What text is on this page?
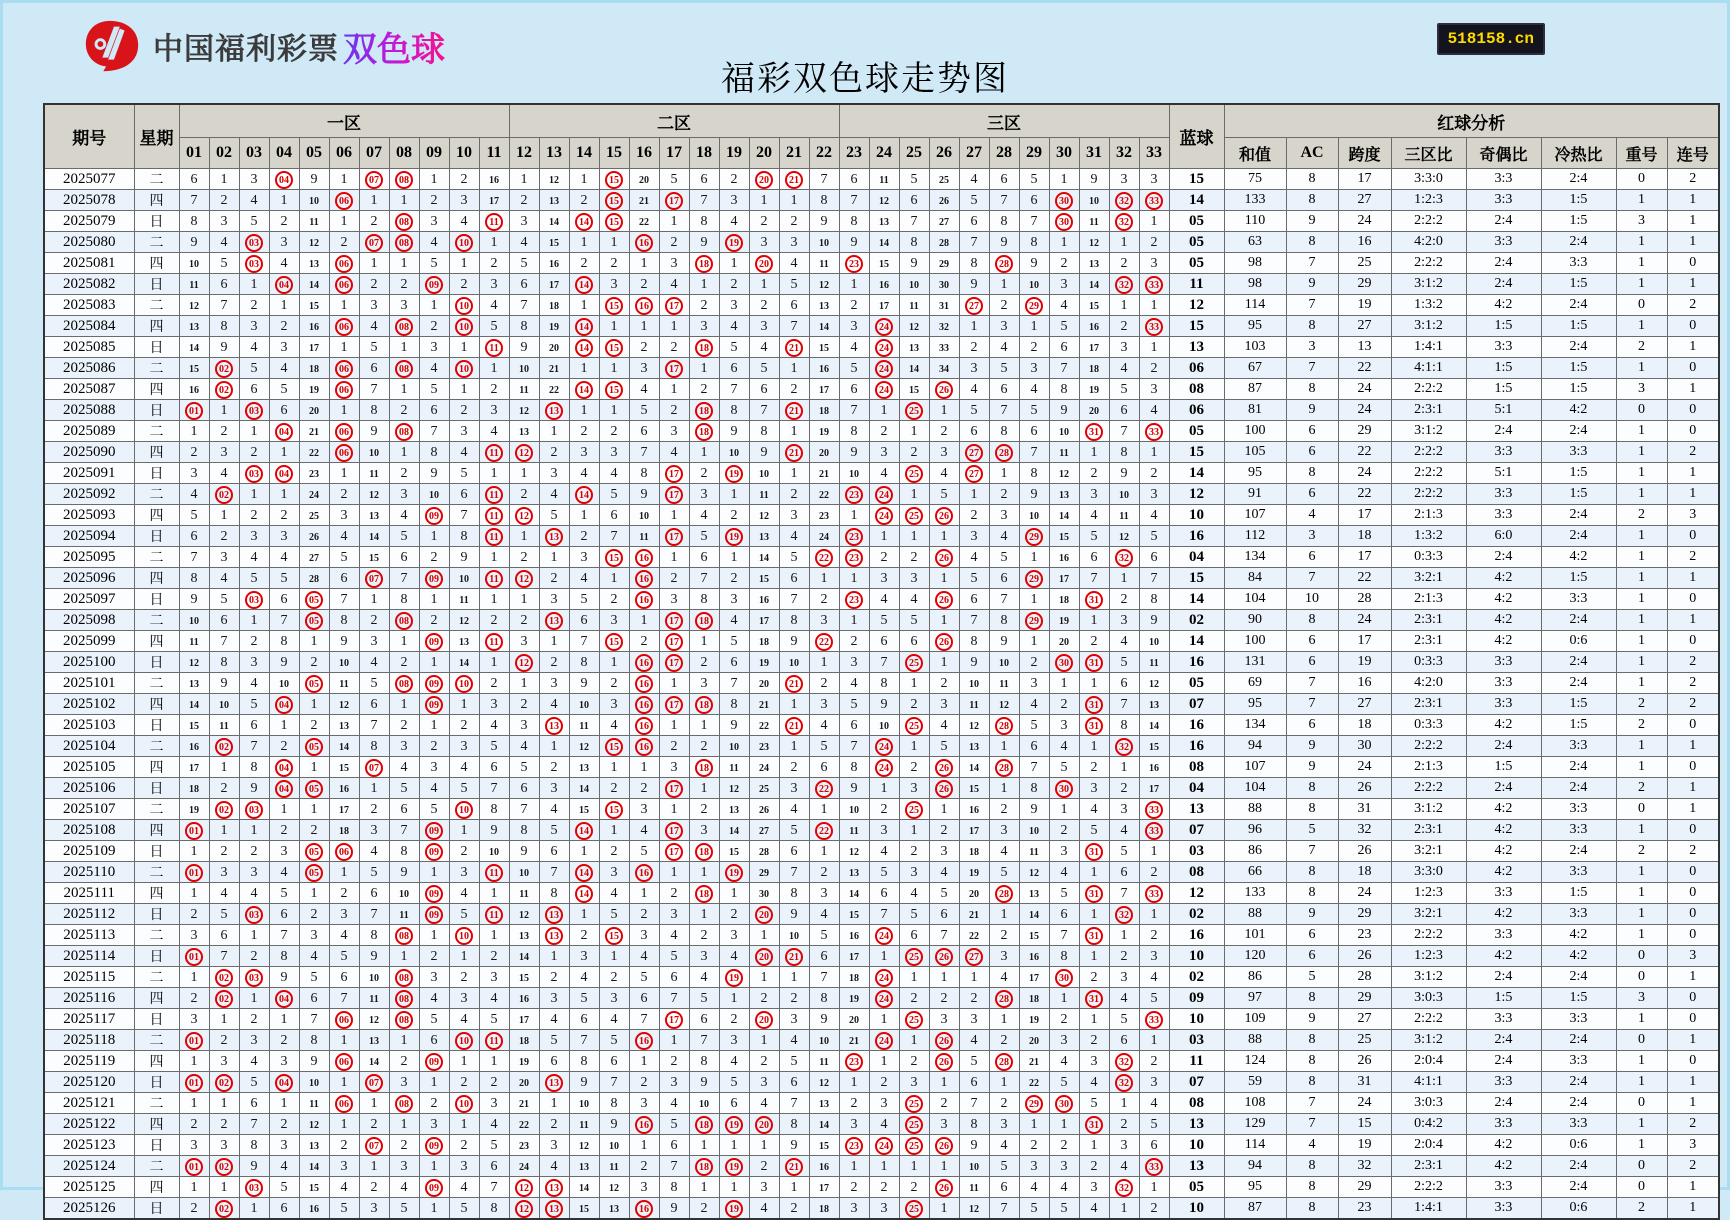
中国福利彩票 双色球
福彩双色球走势图
518158.cn
期号	星期	一区											二区											三区											蓝球	红球分析							
		01	02	03	04	05	06	07	08	09	10	11	12	13	14	15	16	17	18	19	20	21	22	23	24	25	26	27	28	29	30	31	32	33		和值	AC	跨度	三区比	奇偶比	冷热比	重号	连号
2025077	二	6	1	3	04	9	1	07	08	1	2	16	1	12	1	15	20	5	6	2	20	21	7	6	11	5	25	4	6	5	1	9	3	3	15	75	8	17	3:3:0	3:3	2:4	0	2
2025078	四	7	2	4	1	10	06	1	1	2	3	17	2	13	2	15	21	17	7	3	1	1	8	7	12	6	26	5	7	6	30	10	32	33	14	133	8	27	1:2:3	3:3	1:5	1	1
2025079	日	8	3	5	2	11	1	2	08	3	4	11	3	14	14	15	22	1	8	4	2	2	9	8	13	7	27	6	8	7	30	11	32	1	05	110	9	24	2:2:2	2:4	1:5	3	1
2025080	二	9	4	03	3	12	2	07	08	4	10	1	4	15	1	1	16	2	9	19	3	3	10	9	14	8	28	7	9	8	1	12	1	2	05	63	8	16	4:2:0	3:3	2:4	1	1
2025081	四	10	5	03	4	13	06	1	1	5	1	2	5	16	2	2	1	3	18	1	20	4	11	23	15	9	29	8	28	9	2	13	2	3	05	98	7	25	2:2:2	2:4	3:3	1	0
2025082	日	11	6	1	04	14	06	2	2	09	2	3	6	17	14	3	2	4	1	2	1	5	12	1	16	10	30	9	1	10	3	14	32	33	11	98	9	29	3:1:2	2:4	1:5	1	1
2025083	二	12	7	2	1	15	1	3	3	1	10	4	7	18	1	15	16	17	2	3	2	6	13	2	17	11	31	27	2	29	4	15	1	1	12	114	7	19	1:3:2	4:2	2:4	0	2
2025084	四	13	8	3	2	16	06	4	08	2	10	5	8	19	14	1	1	1	3	4	3	7	14	3	24	12	32	1	3	1	5	16	2	33	15	95	8	27	3:1:2	1:5	1:5	1	0
2025085	日	14	9	4	3	17	1	5	1	3	1	11	9	20	14	15	2	2	18	5	4	21	15	4	24	13	33	2	4	2	6	17	3	1	13	103	3	13	1:4:1	3:3	2:4	2	1
2025086	二	15	02	5	4	18	06	6	08	4	10	1	10	21	1	1	3	17	1	6	5	1	16	5	24	14	34	3	5	3	7	18	4	2	06	67	7	22	4:1:1	1:5	1:5	1	0
2025087	四	16	02	6	5	19	06	7	1	5	1	2	11	22	14	15	4	1	2	7	6	2	17	6	24	15	26	4	6	4	8	19	5	3	08	87	8	24	2:2:2	1:5	1:5	3	1
2025088	日	01	1	03	6	20	1	8	2	6	2	3	12	13	1	1	5	2	18	8	7	21	18	7	1	25	1	5	7	5	9	20	6	4	06	81	9	24	2:3:1	5:1	4:2	0	0
2025089	二	1	2	1	04	21	06	9	08	7	3	4	13	1	2	2	6	3	18	9	8	1	19	8	2	1	2	6	8	6	10	31	7	33	05	100	6	29	3:1:2	2:4	2:4	1	0
2025090	四	2	3	2	1	22	06	10	1	8	4	11	12	2	3	3	7	4	1	10	9	21	20	9	3	2	3	27	28	7	11	1	8	1	15	105	6	22	2:2:2	3:3	3:3	1	2
2025091	日	3	4	03	04	23	1	11	2	9	5	1	1	3	4	4	8	17	2	19	10	1	21	10	4	25	4	27	1	8	12	2	9	2	14	95	8	24	2:2:2	5:1	1:5	1	1
2025092	二	4	02	1	1	24	2	12	3	10	6	11	2	4	14	5	9	17	3	1	11	2	22	23	24	1	5	1	2	9	13	3	10	3	12	91	6	22	2:2:2	3:3	1:5	1	1
2025093	四	5	1	2	2	25	3	13	4	09	7	11	12	5	1	6	10	1	4	2	12	3	23	1	24	25	26	2	3	10	14	4	11	4	10	107	4	17	2:1:3	3:3	2:4	2	3
2025094	日	6	2	3	3	26	4	14	5	1	8	11	1	13	2	7	11	17	5	19	13	4	24	23	1	1	1	3	4	29	15	5	12	5	16	112	3	18	1:3:2	6:0	2:4	1	0
2025095	二	7	3	4	4	27	5	15	6	2	9	1	2	1	3	15	16	1	6	1	14	5	22	23	2	2	26	4	5	1	16	6	32	6	04	134	6	17	0:3:3	2:4	4:2	1	2
2025096	四	8	4	5	5	28	6	07	7	09	10	11	12	2	4	1	16	2	7	2	15	6	1	1	3	3	1	5	6	29	17	7	1	7	15	84	7	22	3:2:1	4:2	1:5	1	1
2025097	日	9	5	03	6	05	7	1	8	1	11	1	1	3	5	2	16	3	8	3	16	7	2	23	4	4	26	6	7	1	18	31	2	8	14	104	10	28	2:1:3	4:2	3:3	1	0
2025098	二	10	6	1	7	05	8	2	08	2	12	2	2	13	6	3	1	17	18	4	17	8	3	1	5	5	1	7	8	29	19	1	3	9	02	90	8	24	2:3:1	4:2	2:4	1	1
2025099	四	11	7	2	8	1	9	3	1	09	13	11	3	1	7	15	2	17	1	5	18	9	22	2	6	6	26	8	9	1	20	2	4	10	14	100	6	17	2:3:1	4:2	0:6	1	0
2025100	日	12	8	3	9	2	10	4	2	1	14	1	12	2	8	1	16	17	2	6	19	10	1	3	7	25	1	9	10	2	30	31	5	11	16	131	6	19	0:3:3	3:3	2:4	1	2
2025101	二	13	9	4	10	05	11	5	08	09	10	2	1	3	9	2	16	1	3	7	20	21	2	4	8	1	2	10	11	3	1	1	6	12	05	69	7	16	4:2:0	3:3	2:4	1	2
2025102	四	14	10	5	04	1	12	6	1	09	1	3	2	4	10	3	16	17	18	8	21	1	3	5	9	2	3	11	12	4	2	31	7	13	07	95	7	27	2:3:1	3:3	1:5	2	2
2025103	日	15	11	6	1	2	13	7	2	1	2	4	3	13	11	4	16	1	1	9	22	21	4	6	10	25	4	12	28	5	3	31	8	14	16	134	6	18	0:3:3	4:2	1:5	2	0
2025104	二	16	02	7	2	05	14	8	3	2	3	5	4	1	12	15	16	2	2	10	23	1	5	7	24	1	5	13	1	6	4	1	32	15	16	94	9	30	2:2:2	2:4	3:3	1	1
2025105	四	17	1	8	04	1	15	07	4	3	4	6	5	2	13	1	1	3	18	11	24	2	6	8	24	2	26	14	28	7	5	2	1	16	08	107	9	24	2:1:3	1:5	2:4	1	0
2025106	日	18	2	9	04	05	16	1	5	4	5	7	6	3	14	2	2	17	1	12	25	3	22	9	1	3	26	15	1	8	30	3	2	17	04	104	8	26	2:2:2	2:4	2:4	2	1
2025107	二	19	02	03	1	1	17	2	6	5	10	8	7	4	15	15	3	1	2	13	26	4	1	10	2	25	1	16	2	9	1	4	3	33	13	88	8	31	3:1:2	4:2	3:3	0	1
2025108	四	01	1	1	2	2	18	3	7	09	1	9	8	5	14	1	4	17	3	14	27	5	22	11	3	1	2	17	3	10	2	5	4	33	07	96	5	32	2:3:1	4:2	3:3	1	0
2025109	日	1	2	2	3	05	06	4	8	09	2	10	9	6	1	2	5	17	18	15	28	6	1	12	4	2	3	18	4	11	3	31	5	1	03	86	7	26	3:2:1	4:2	2:4	2	2
2025110	二	01	3	3	4	05	1	5	9	1	3	11	10	7	14	3	16	1	1	19	29	7	2	13	5	3	4	19	5	12	4	1	6	2	08	66	8	18	3:3:0	4:2	3:3	1	0
2025111	四	1	4	4	5	1	2	6	10	09	4	1	11	8	14	4	1	2	18	1	30	8	3	14	6	4	5	20	28	13	5	31	7	33	12	133	8	24	1:2:3	3:3	1:5	1	0
2025112	日	2	5	03	6	2	3	7	11	09	5	11	12	13	1	5	2	3	1	2	20	9	4	15	7	5	6	21	1	14	6	1	32	1	02	88	9	29	3:2:1	4:2	3:3	1	0
2025113	二	3	6	1	7	3	4	8	08	1	10	1	13	13	2	15	3	4	2	3	1	10	5	16	24	6	7	22	2	15	7	31	1	2	16	101	6	23	2:2:2	3:3	4:2	1	0
2025114	日	01	7	2	8	4	5	9	1	2	1	2	14	1	3	1	4	5	3	4	20	21	6	17	1	25	26	27	3	16	8	1	2	3	10	120	6	26	1:2:3	4:2	4:2	0	3
2025115	二	1	02	03	9	5	6	10	08	3	2	3	15	2	4	2	5	6	4	19	1	1	7	18	24	1	1	1	4	17	30	2	3	4	02	86	5	28	3:1:2	2:4	2:4	0	1
2025116	四	2	02	1	04	6	7	11	08	4	3	4	16	3	5	3	6	7	5	1	2	2	8	19	24	2	2	2	28	18	1	31	4	5	09	97	8	29	3:0:3	1:5	1:5	3	0
2025117	日	3	1	2	1	7	06	12	08	5	4	5	17	4	6	4	7	17	6	2	20	3	9	20	1	25	3	3	1	19	2	1	5	33	10	109	9	27	2:2:2	3:3	3:3	1	0
2025118	二	01	2	3	2	8	1	13	1	6	10	11	18	5	7	5	16	1	7	3	1	4	10	21	24	1	26	4	2	20	3	2	6	1	03	88	8	25	3:1:2	2:4	2:4	0	1
2025119	四	1	3	4	3	9	06	14	2	09	1	1	19	6	8	6	1	2	8	4	2	5	11	23	1	2	26	5	28	21	4	3	32	2	11	124	8	26	2:0:4	2:4	3:3	1	0
2025120	日	01	02	5	04	10	1	07	3	1	2	2	20	13	9	7	2	3	9	5	3	6	12	1	2	3	1	6	1	22	5	4	32	3	07	59	8	31	4:1:1	3:3	2:4	1	1
2025121	二	1	1	6	1	11	06	1	08	2	10	3	21	1	10	8	3	4	10	6	4	7	13	2	3	25	2	7	2	29	30	5	1	4	08	108	7	24	3:0:3	2:4	2:4	0	1
2025122	四	2	2	7	2	12	1	2	1	3	1	4	22	2	11	9	16	5	18	19	20	8	14	3	4	25	3	8	3	1	1	31	2	5	13	129	7	15	0:4:2	3:3	3:3	1	2
2025123	日	3	3	8	3	13	2	07	2	09	2	5	23	3	12	10	1	6	1	1	1	9	15	23	24	25	26	9	4	2	2	1	3	6	10	114	4	19	2:0:4	4:2	0:6	1	3
2025124	二	01	02	9	4	14	3	1	3	1	3	6	24	4	13	11	2	7	18	19	2	21	16	1	1	1	1	10	5	3	3	2	4	33	13	94	8	32	2:3:1	4:2	2:4	0	2
2025125	四	1	1	03	5	15	4	2	4	09	4	7	12	13	14	12	3	8	1	1	3	1	17	2	2	2	26	11	6	4	4	3	32	1	05	95	8	29	2:2:2	3:3	2:4	0	1
2025126	日	2	02	1	6	16	5	3	5	1	5	8	12	13	15	13	16	9	2	19	4	2	18	3	3	25	1	12	7	5	5	4	1	2	10	87	8	23	1:4:1	3:3	0:6	2	1
